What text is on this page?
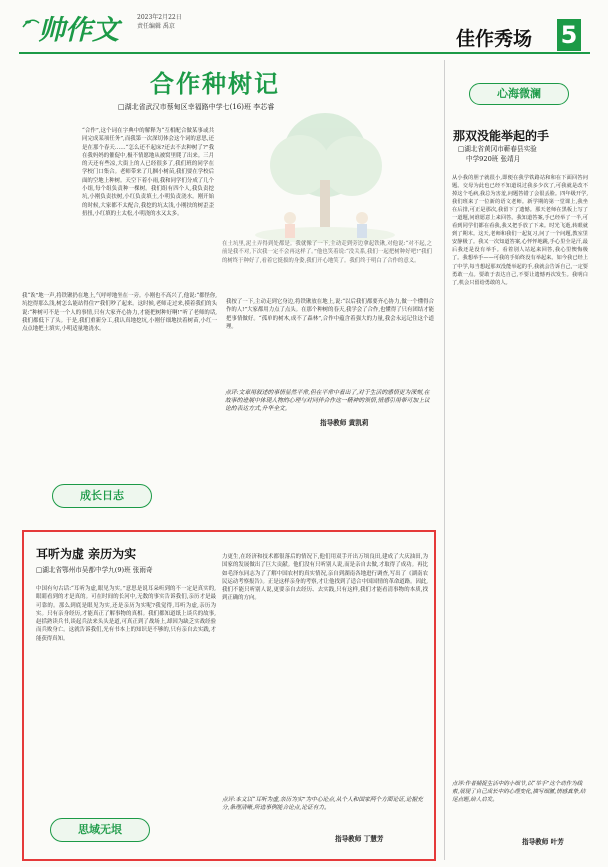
帅作文	2023年2月22日
责任编辑 禹京
佳作秀场 5
合作种树记
□湖北省武汉市蔡甸区幸福路中学七(16)班 李芯睿
“合作”,这个词在字典中的解释为“互相配合做某事或共同完成某项任务”,而我第一次深切体会这个词的意思,还是在那个春天……“怎么还不起床?还去不去种树了?”我在我妈妈的催促中,极不情愿地从被窝里爬了出来。三月的天还有些凉,大街上的人已经很多了,我们班的同学在学校门口集合。老师带来了几捆小树苗,我们要在学校后面的空地上种树。天空下着小雨,我和同学们分成了几个小组,每个组负责种一棵树。我们组有四个人,我负责挖坑,小刚负责扶树,小红负责填土,小明负责浇水。刚开始的时候,大家都不太配合,我挖的坑太浅,小刚扶的树歪歪扭扭,小红填的土太松,小明浇的水又太多。
我“诶”地一声,将铁锹扔在地上,气呼呼地坐在一旁。小刚也不高兴了,他说:“都怪你,坑挖得那么浅,树怎么能站得住?”我们吵了起来。这时候,老师走过来,摸着我们的头说:“种树可不是一个人的事情,只有大家齐心协力,才能把树种好啊!”听了老师的话,我们都低下了头。于是,我们重新分工,我认真地挖坑,小刚仔细地扶着树苗,小红一点点地把土填实,小明适量地浇水。
在土坑里,泥土弄得到处都是。我就像了一下,主动走到旁边拿起铁锹,对他说:“对不起,之前是我不对,下次我一定不会再这样了。”他也笑着说:“没关系,我们一起把树种好吧!”我们的树终于种好了,看着它挺拔的身姿,我们开心地笑了。我们终于明白了合作的意义。
我按了一下,主动走到它身边,将铁锹放在地上,说:“以后我们都要齐心协力,做一个懂得合作的人!”大家都用力点了点头。在那个种树的春天,我学会了合作,也懂得了只有团结才能把事情做好。“孤单的树木,成不了森林”,合作中蕴含着强大的力量,我会永远记住这个道理。
点评:文章用叙述的事情显然平常,但在平常中看出了,对于生活的感悟更为深刻,在故事的进展中体现人物的心理与对同伴合作这一精神的领悟,情感引用带可加上议论的表达方式,升华全文。
指导教师 黄凯莉
成长日志
心海微澜
那双没能举起的手
□湖北省黄冈市蕲春县实验
中学920班 张靖月
从小我的胆子就很小,即便在我学铁路站和和在下面回答问题。交母为此也已经不知道说过我多少次了,可我就是改不掉这个毛病,我总为害羞,问题答错了会很丢脸。四年级开学,我们班来了一位新的语文老师。新学期的第一堂课上,我坐在后排,可正是那次,我留下了遗憾。那天老师在黑板上写了一道题,问谁愿意上来回答。我知道答案,手已经举了一半,可看到同学们都在看我,我又把手放了下来。时光飞逝,转眼就到了期末。这天,老师和我们一起复习,问了一个问题,教室里安静极了。我又一次知道答案,心怦怦地跳,手心里全是汗,最后我还是没有举手。看着别人站起来回答,我心里懊悔极了。我想举手——可我的手始终没有举起来。如今我已经上了中学,每当想起那双没能举起的手,我就会告诉自己,一定要勇敢一点。要敢于表达自己,不要让遗憾再次发生。我明白了,机会只留给勇敢的人。
点评:作者捕捉生活中的小细节,以“举手”这个动作为线索,展现了自己成长中的心理变化,描写细腻,情感真挚,结尾点题,给人启发。
指导教师 叶芳
耳听为虚 亲历为实
□湖北省鄂州市吴都中学九(9)班 张雨奇
中国有句古话:“耳听为虚,眼见为实。”意思是说耳朵听到的不一定是真实的,眼睛看到的才是真的。可在时间的长河中,无数的事实告诉我们,亲历才是最可靠的。那么到底是眼见为实,还是亲历为实呢?我觉得,耳听为虚,亲历为实。只有亲身经历,才能真正了解事物的真相。我们都知道纸上谈兵的故事,赵括熟读兵书,谈起兵法来头头是道,可真正到了战场上,却因为缺乏实战经验而兵败身亡。这就告诉我们,光有书本上的知识是不够的,只有亲自去实践,才能获得真知。
力更生,在经济和技术都很落后的情况下,他们用双手开出万顷良田,建成了大庆油田,为国家的发展做出了巨大贡献。他们没有只听别人说,而是亲自去做,才取得了成功。再比如毛泽东同志为了了解中国农村的真实情况,亲自到湖南各地进行调查,写出了《湖南农民运动考察报告》。正是这样亲身的考察,才让他找到了适合中国国情的革命道路。因此,我们不能只听别人说,更要亲自去经历、去实践,只有这样,我们才能看清事物的本质,找到正确的方向。
点评:本文以“耳听为虚,亲历为实”为中心论点,从个人和国家两个方面论证,论据充分,条理清晰,所选事例能合论点,论证有力。
指导教师 丁慧芳
思域无垠
